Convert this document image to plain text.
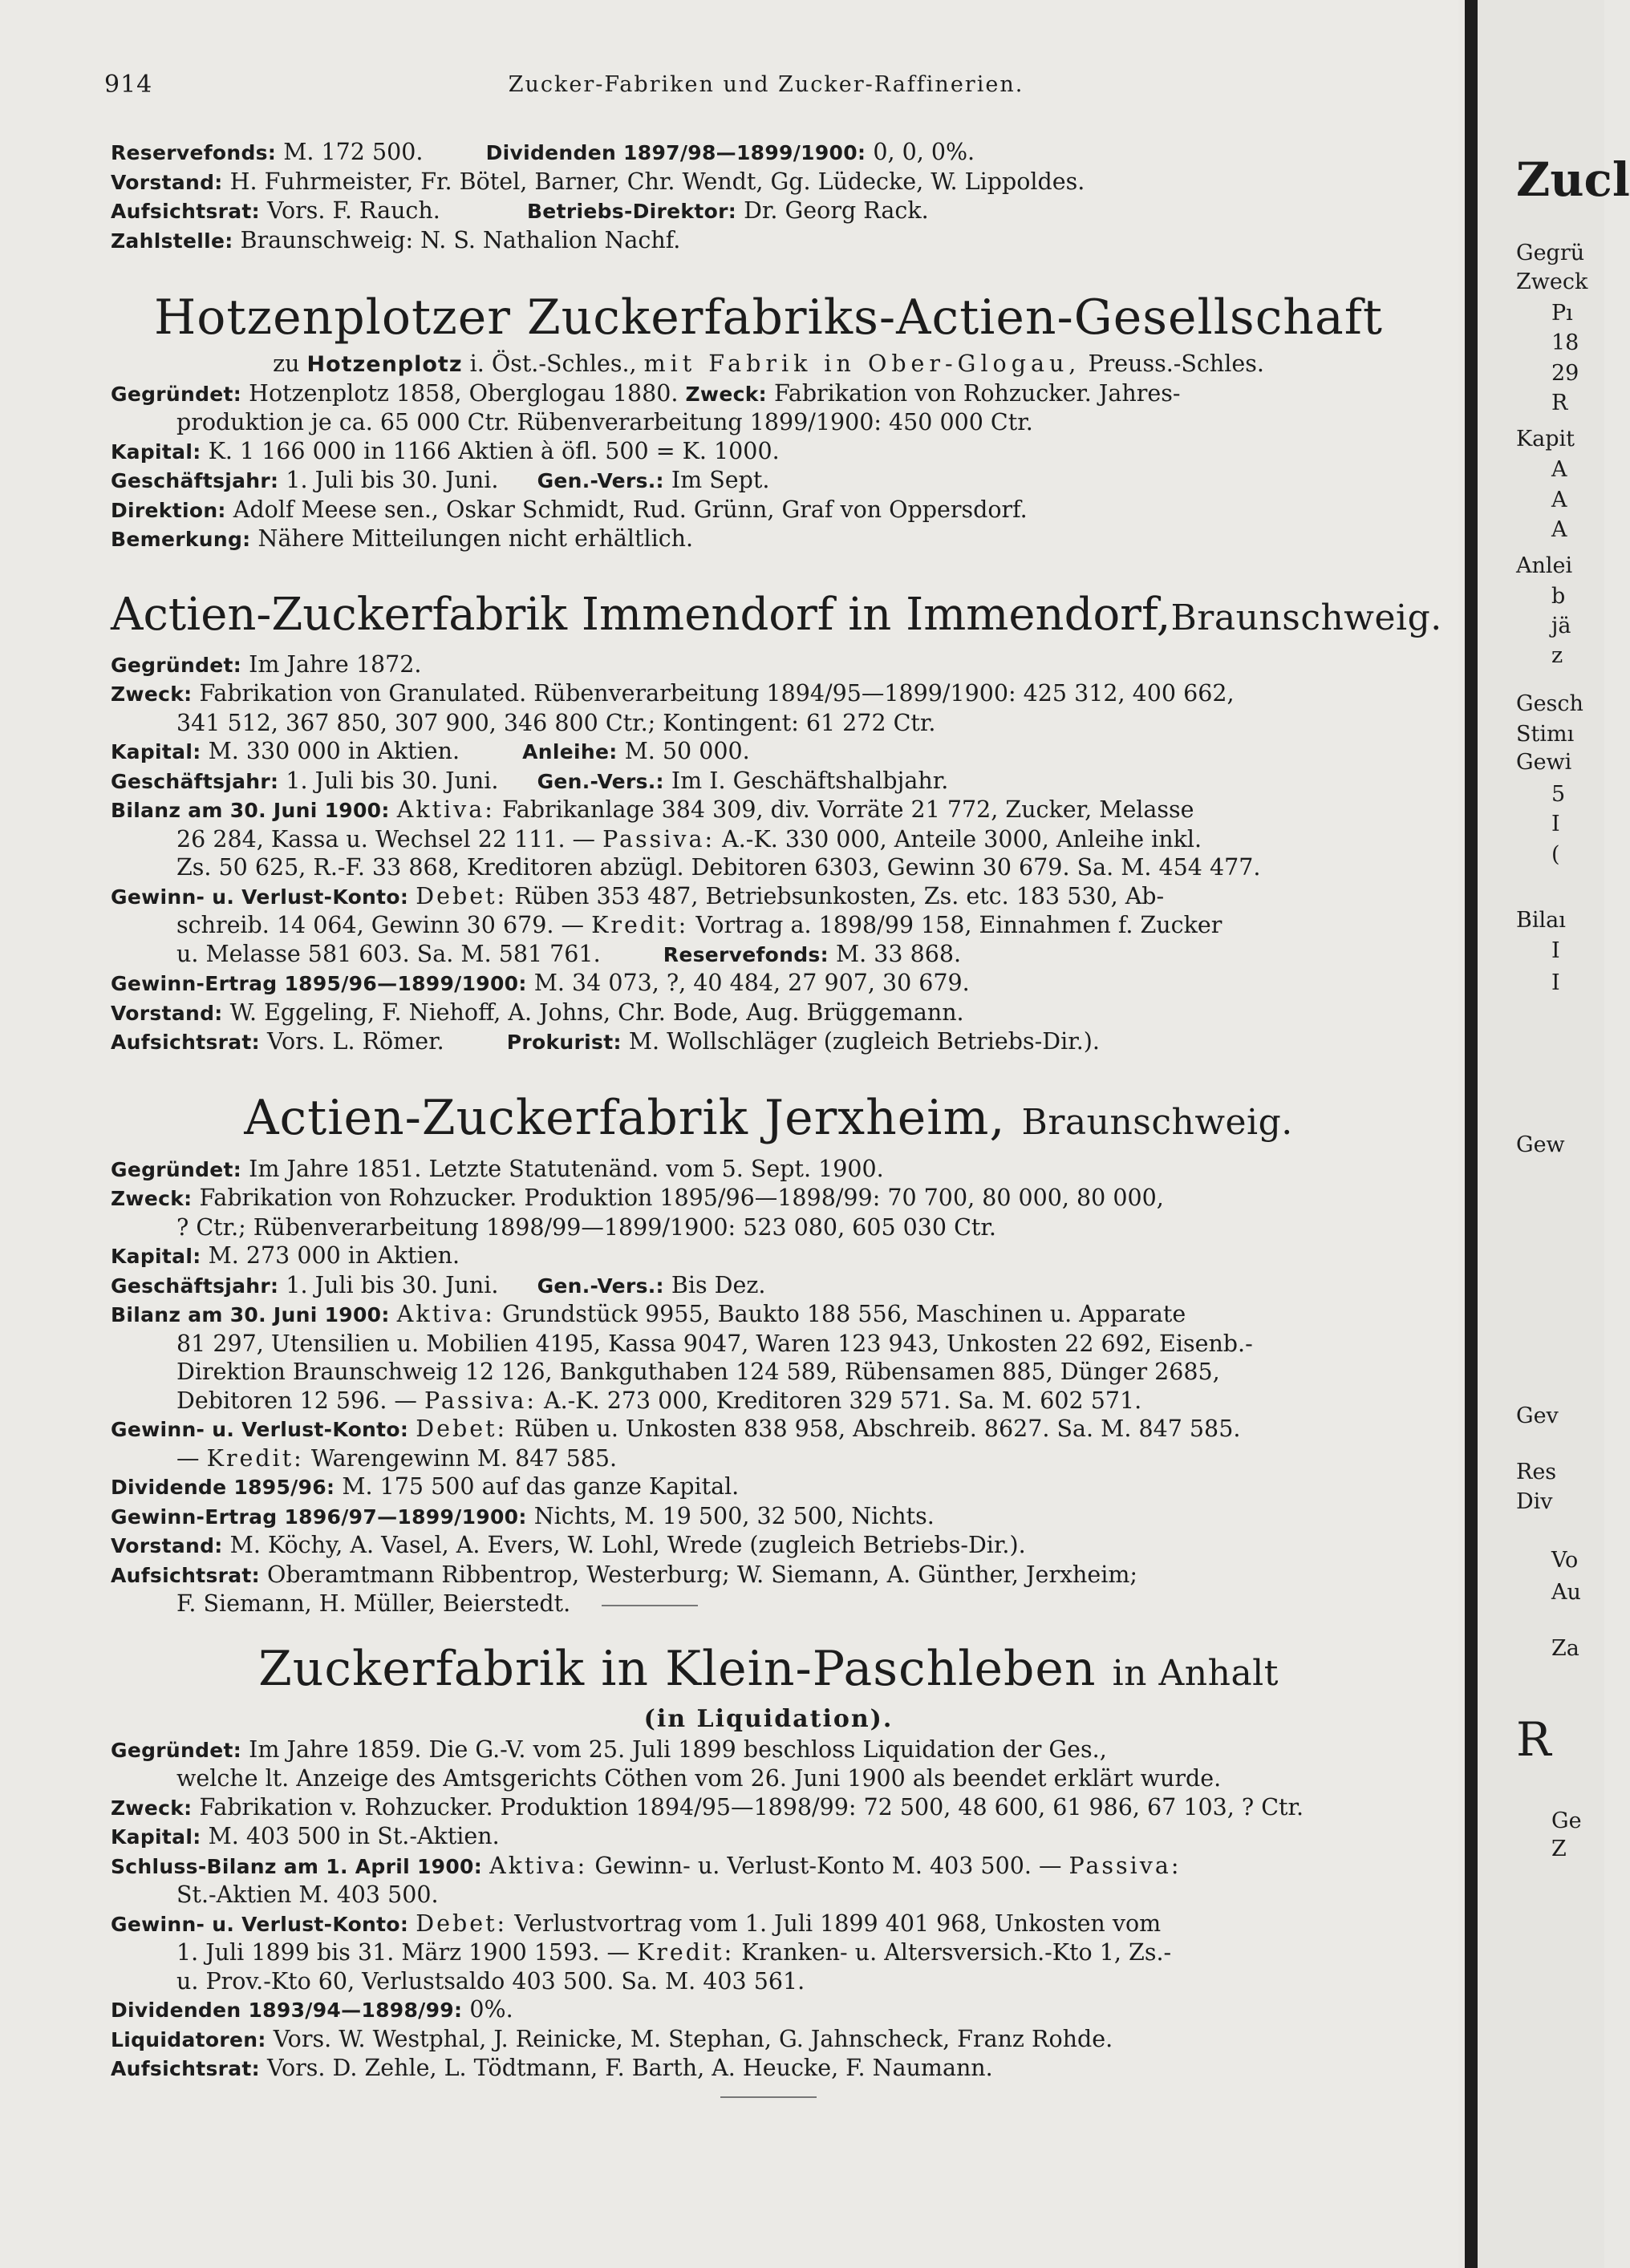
914	Zucker-Fabriken und Zucker-Raffinerien.
Reservefonds: M. 172 500.	Dividenden 1897/98—1899/1900: 0, 0, 0%.
Vorstand: H. Fuhrmeister, Fr. Bötel, Barner, Chr. Wendt, Gg. Lüdecke, W. Lippoldes.
Aufsichtsrat: Vors. F. Rauch.	Betriebs-Direktor: Dr. Georg Rack.
Zahlstelle: Braunschweig: N. S. Nathalion Nachf.
Hotzenplotzer Zuckerfabriks-Actien-Gesellschaft
zu Hotzenplotz i. Öst.-Schles., mit Fabrik in Ober-Glogau, Preuss.-Schles.
Gegründet: Hotzenplotz 1858, Oberglogau 1880. Zweck: Fabrikation von Rohzucker. Jahres-
produktion je ca. 65 000 Ctr. Rübenverarbeitung 1899/1900: 450 000 Ctr.
Kapital: K. 1 166 000 in 1166 Aktien à öfl. 500 = K. 1000.
Geschäftsjahr: 1. Juli bis 30. Juni. Gen.-Vers.: Im Sept.
Direktion: Adolf Meese sen., Oskar Schmidt, Rud. Grünn, Graf von Oppersdorf.
Bemerkung: Nähere Mitteilungen nicht erhältlich.
Actien-Zuckerfabrik Immendorf in Immendorf,Braunschweig.
Gegründet: Im Jahre 1872.
Zweck: Fabrikation von Granulated. Rübenverarbeitung 1894/95—1899/1900: 425 312, 400 662,
341 512, 367 850, 307 900, 346 800 Ctr.; Kontingent: 61 272 Ctr.
Kapital: M. 330 000 in Aktien.	Anleihe: M. 50 000.
Geschäftsjahr: 1. Juli bis 30. Juni. Gen.-Vers.: Im I. Geschäftshalbjahr.
Bilanz am 30. Juni 1900: Aktiva: Fabrikanlage 384 309, div. Vorräte 21 772, Zucker, Melasse
26 284, Kassa u. Wechsel 22 111. — Passiva: A.-K. 330 000, Anteile 3000, Anleihe inkl.
Zs. 50 625, R.-F. 33 868, Kreditoren abzügl. Debitoren 6303, Gewinn 30 679. Sa. M. 454 477.
Gewinn- u. Verlust-Konto: Debet: Rüben 353 487, Betriebsunkosten, Zs. etc. 183 530, Ab-
schreib. 14 064, Gewinn 30 679. — Kredit: Vortrag a. 1898/99 158, Einnahmen f. Zucker
u. Melasse 581 603. Sa. M. 581 761.	Reservefonds: M. 33 868.
Gewinn-Ertrag 1895/96—1899/1900: M. 34 073, ?, 40 484, 27 907, 30 679.
Vorstand: W. Eggeling, F. Niehoff, A. Johns, Chr. Bode, Aug. Brüggemann.
Aufsichtsrat: Vors. L. Römer.	Prokurist: M. Wollschläger (zugleich Betriebs-Dir.).
Actien-Zuckerfabrik Jerxheim, Braunschweig.
Gegründet: Im Jahre 1851. Letzte Statutenänd. vom 5. Sept. 1900.
Zweck: Fabrikation von Rohzucker. Produktion 1895/96—1898/99: 70 700, 80 000, 80 000,
? Ctr.; Rübenverarbeitung 1898/99—1899/1900: 523 080, 605 030 Ctr.
Kapital: M. 273 000 in Aktien.
Geschäftsjahr: 1. Juli bis 30. Juni. Gen.-Vers.: Bis Dez.
Bilanz am 30. Juni 1900: Aktiva: Grundstück 9955, Baukto 188 556, Maschinen u. Apparate
81 297, Utensilien u. Mobilien 4195, Kassa 9047, Waren 123 943, Unkosten 22 692, Eisenb.-
Direktion Braunschweig 12 126, Bankguthaben 124 589, Rübensamen 885, Dünger 2685,
Debitoren 12 596. — Passiva: A.-K. 273 000, Kreditoren 329 571. Sa. M. 602 571.
Gewinn- u. Verlust-Konto: Debet: Rüben u. Unkosten 838 958, Abschreib. 8627. Sa. M. 847 585.
— Kredit: Warengewinn M. 847 585.
Dividende 1895/96: M. 175 500 auf das ganze Kapital.
Gewinn-Ertrag 1896/97—1899/1900: Nichts, M. 19 500, 32 500, Nichts.
Vorstand: M. Köchy, A. Vasel, A. Evers, W. Lohl, Wrede (zugleich Betriebs-Dir.).
Aufsichtsrat: Oberamtmann Ribbentrop, Westerburg; W. Siemann, A. Günther, Jerxheim;
F. Siemann, H. Müller, Beierstedt.
Zuckerfabrik in Klein-Paschleben in Anhalt
(in Liquidation).
Gegründet: Im Jahre 1859. Die G.-V. vom 25. Juli 1899 beschloss Liquidation der Ges.,
welche lt. Anzeige des Amtsgerichts Cöthen vom 26. Juni 1900 als beendet erklärt wurde.
Zweck: Fabrikation v. Rohzucker. Produktion 1894/95—1898/99: 72 500, 48 600, 61 986, 67 103, ? Ctr.
Kapital: M. 403 500 in St.-Aktien.
Schluss-Bilanz am 1. April 1900: Aktiva: Gewinn- u. Verlust-Konto M. 403 500. — Passiva:
St.-Aktien M. 403 500.
Gewinn- u. Verlust-Konto: Debet: Verlustvortrag vom 1. Juli 1899 401 968, Unkosten vom
1. Juli 1899 bis 31. März 1900 1593. — Kredit: Kranken- u. Altersversich.-Kto 1, Zs.-
u. Prov.-Kto 60, Verlustsaldo 403 500. Sa. M. 403 561.
Dividenden 1893/94—1898/99: 0%.
Liquidatoren: Vors. W. Westphal, J. Reinicke, M. Stephan, G. Jahnscheck, Franz Rohde.
Aufsichtsrat: Vors. D. Zehle, L. Tödtmann, F. Barth, A. Heucke, F. Naumann.
Zucl
Gegrü
Zweck
Pı
18
29
R
Kapit
A
A
A
Anlei
b
jä
z
Gesch
Stimı
Gewi
5
I
(
Bilaı
I
I
Gew
Gev
Res
Div
Vo
Au
Za
Ge
Z
R
